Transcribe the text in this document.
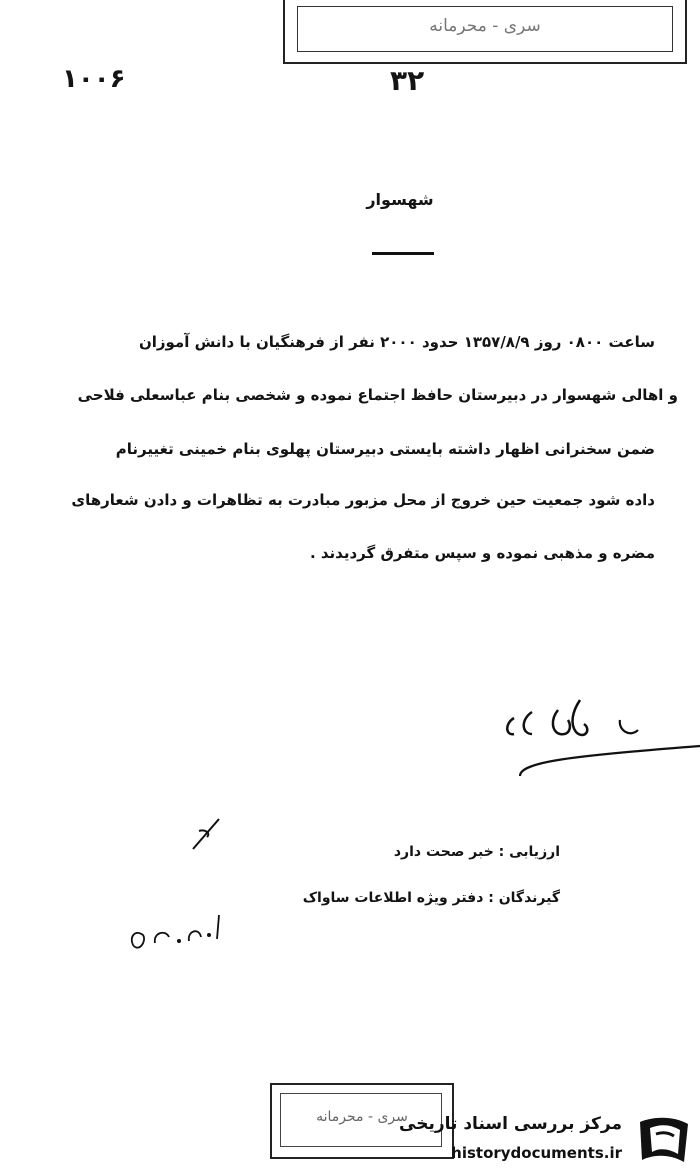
سری - محرمانه
۱۰۰۶	۳۲
شهسوار
ساعت ۰۸۰۰ روز ۱۳۵۷/۸/۹ حدود ۲۰۰۰ نفر از فرهنگیان با دانش آموزان
و اهالی شهسوار در دبیرستان حافظ اجتماع نموده و شخصی بنام عباسعلی فلاحی
ضمن سخنرانی اظهار داشته بایستی دبیرستان پهلوی بنام خمینی تغییرنام
داده شود جمعیت حین خروج از محل مزبور مبادرت به تظاهرات و دادن شعارهای
مضره و مذهبی نموده و سپس متفرق گردیدند .
ارزیابی : خبر صحت دارد
گیرندگان : دفتر ویژه اطلاعات ساواک
سری - محرمانه
مرکز بررسی اسناد تاریخی
historydocuments.ir
